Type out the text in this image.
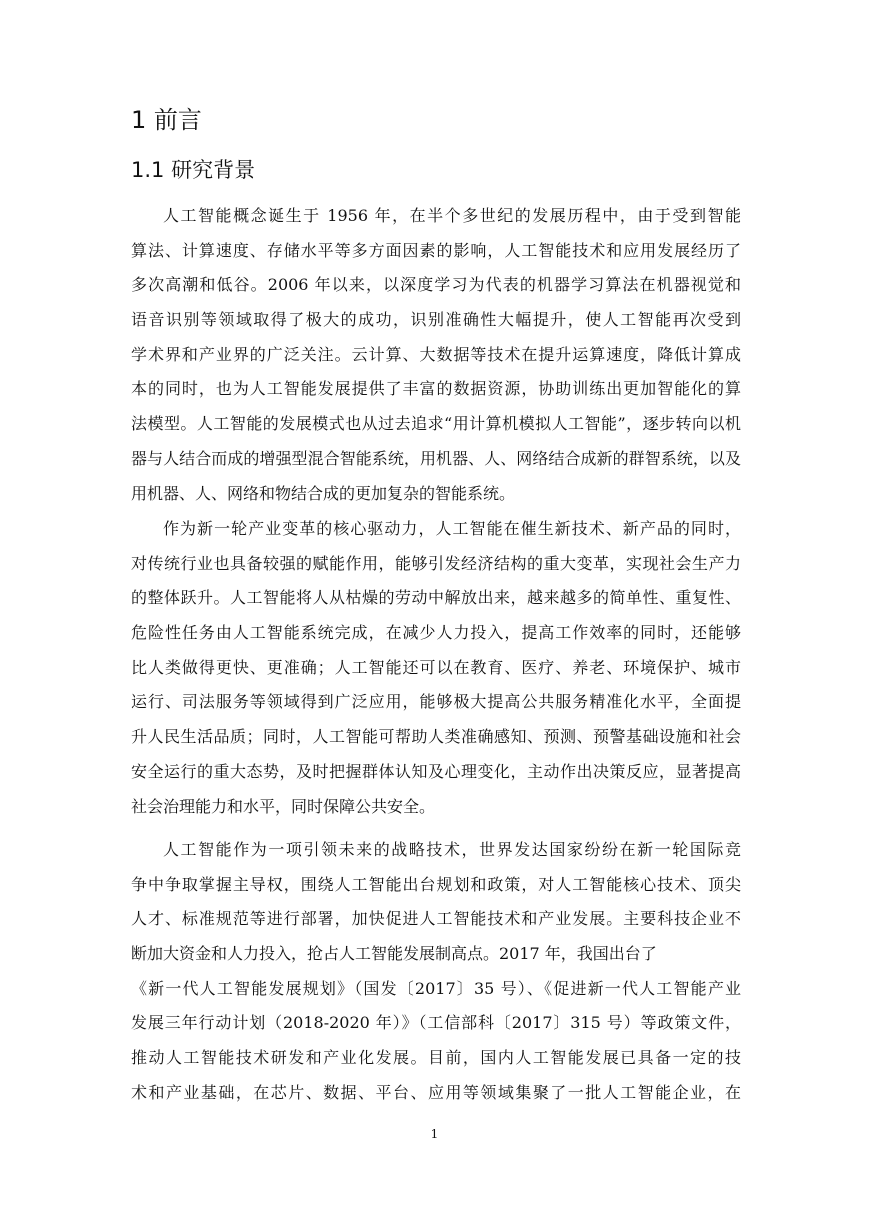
1 前言
1.1 研究背景
人工智能概念诞生于 1956 年，在半个多世纪的发展历程中，由于受到智能
算法、计算速度、存储水平等多方面因素的影响，人工智能技术和应用发展经历了
多次高潮和低谷。2006 年以来，以深度学习为代表的机器学习算法在机器视觉和
语音识别等领域取得了极大的成功，识别准确性大幅提升，使人工智能再次受到
学术界和产业界的广泛关注。云计算、大数据等技术在提升运算速度，降低计算成
本的同时，也为人工智能发展提供了丰富的数据资源，协助训练出更加智能化的算
法模型。人工智能的发展模式也从过去追求“用计算机模拟人工智能”，逐步转向以机
器与人结合而成的增强型混合智能系统，用机器、人、网络结合成新的群智系统，以及
用机器、人、网络和物结合成的更加复杂的智能系统。
作为新一轮产业变革的核心驱动力，人工智能在催生新技术、新产品的同时，
对传统行业也具备较强的赋能作用，能够引发经济结构的重大变革，实现社会生产力
的整体跃升。人工智能将人从枯燥的劳动中解放出来，越来越多的简单性、重复性、
危险性任务由人工智能系统完成，在减少人力投入，提高工作效率的同时，还能够
比人类做得更快、更准确；人工智能还可以在教育、医疗、养老、环境保护、城市
运行、司法服务等领域得到广泛应用，能够极大提高公共服务精准化水平，全面提
升人民生活品质；同时，人工智能可帮助人类准确感知、预测、预警基础设施和社会
安全运行的重大态势，及时把握群体认知及心理变化，主动作出决策反应，显著提高
社会治理能力和水平，同时保障公共安全。
人工智能作为一项引领未来的战略技术，世界发达国家纷纷在新一轮国际竞
争中争取掌握主导权，围绕人工智能出台规划和政策，对人工智能核心技术、顶尖
人才、标准规范等进行部署，加快促进人工智能技术和产业发展。主要科技企业不
断加大资金和人力投入，抢占人工智能发展制高点。2017 年，我国出台了
《新一代人工智能发展规划》（国发〔2017〕35 号）、《促进新一代人工智能产业
发展三年行动计划（2018-2020 年）》（工信部科〔2017〕315 号）等政策文件，
推动人工智能技术研发和产业化发展。目前，国内人工智能发展已具备一定的技
术和产业基础，在芯片、数据、平台、应用等领域集聚了一批人工智能企业，在
1
